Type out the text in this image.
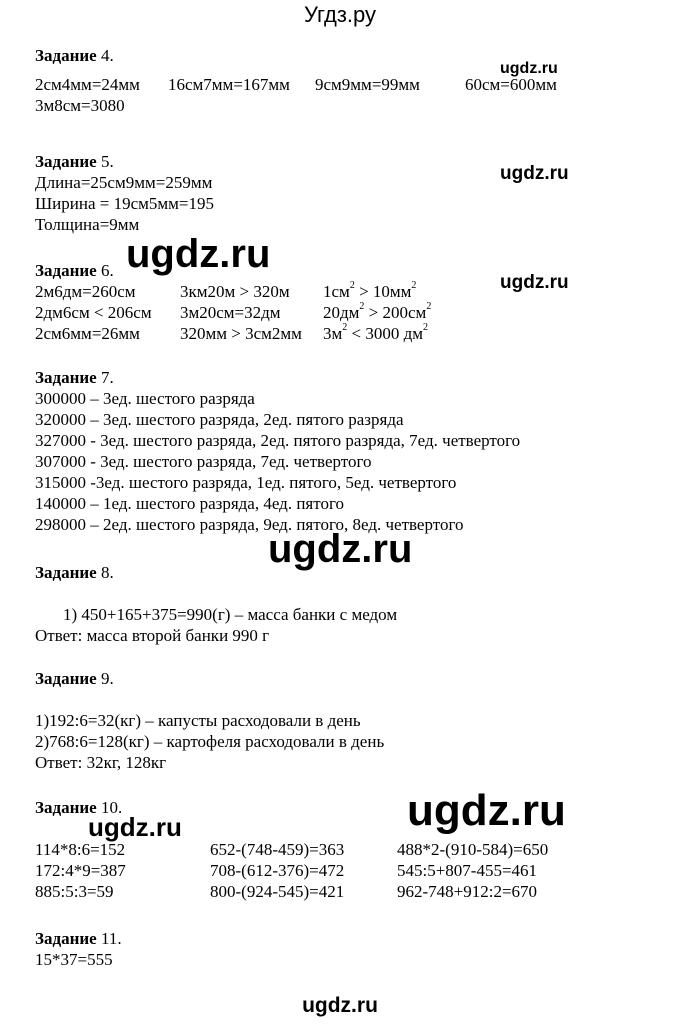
Угдз.ру
ugdz.ru
ugdz.ru
ugdz.ru
ugdz.ru
ugdz.ru
ugdz.ru
ugdz.ru
Задание 4.
2см4мм=24мм 16см7мм=167мм 9см9мм=99мм	60см=600мм
3м8см=3080
Задание 5.
Длина=25см9мм=259мм
Ширина = 19см5мм=195
Толщина=9мм
Задание 6.
2м6дм=260см	3км20м > 320м $1см^2 > 10мм^2$
2дм6см < 206см 3м20см=32дм $20дм^2 > 200см^2$
2см6мм=26мм 320мм > 3см2мм $3м^2 < 3000$ $дм^2$
Задание 7.
300000 – 3ед. шестого разряда
320000 – 3ед. шестого разряда, 2ед. пятого разряда
327000 - 3ед. шестого разряда, 2ед. пятого разряда, 7ед. четвертого
307000 - 3ед. шестого разряда, 7ед. четвертого
315000 -3ед. шестого разряда, 1ед. пятого, 5ед. четвертого
140000 – 1ед. шестого разряда, 4ед. пятого
298000 – 2ед. шестого разряда, 9ед. пятого, 8ед. четвертого
Задание 8.
1) 450+165+375=990(г) – масса банки с медом
Ответ: масса второй банки 990 г
Задание 9.
1)192:6=32(кг) – капусты расходовали в день
2)768:6=128(кг) – картофеля расходовали в день
Ответ: 32кг, 128кг
Задание 10.
114*8:6=152	652-(748-459)=363	488*2-(910-584)=650
172:4*9=387	708-(612-376)=472	545:5+807-455=461
885:5:3=59	800-(924-545)=421	962-748+912:2=670
Задание 11.
15*37=555
ugdz.ru
